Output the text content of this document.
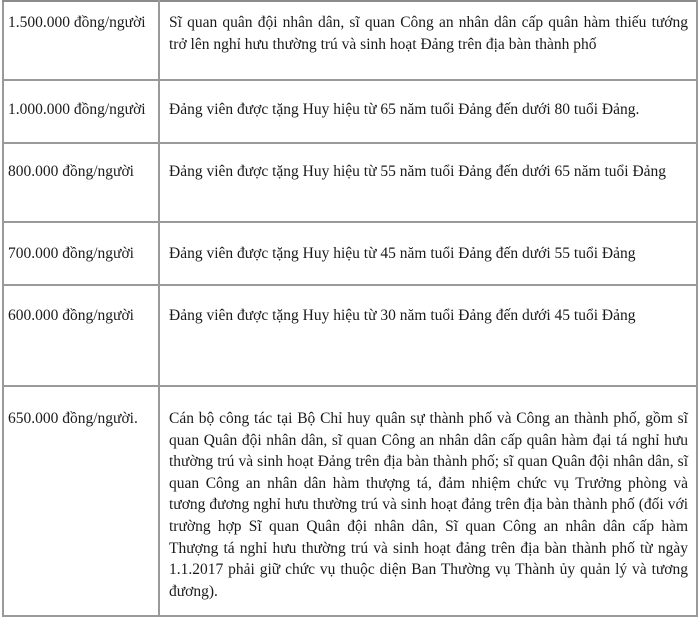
1.500.000 đồng/người	Sĩ quan quân đội nhân dân, sĩ quan Công an nhân dân cấp quân hàm thiếu tướng trở lên nghỉ hưu thường trú và sinh hoạt Đảng trên địa bàn thành phố
1.000.000 đồng/người	Đảng viên được tặng Huy hiệu từ 65 năm tuổi Đảng đến dưới 80 tuổi Đảng.
800.000 đồng/người	Đảng viên được tặng Huy hiệu từ 55 năm tuổi Đảng đến dưới 65 năm tuổi Đảng
700.000 đồng/người	Đảng viên được tặng Huy hiệu từ 45 năm tuổi Đảng đến dưới 55 tuổi Đảng
600.000 đồng/người	Đảng viên được tặng Huy hiệu từ 30 năm tuổi Đảng đến dưới 45 tuổi Đảng
650.000 đồng/người.	Cán bộ công tác tại Bộ Chỉ huy quân sự thành phố và Công an thành phố, gồm sĩ quan Quân đội nhân dân, sĩ quan Công an nhân dân cấp quân hàm đại tá nghỉ hưu thường trú và sinh hoạt Đảng trên địa bàn thành phố; sĩ quan Quân đội nhân dân, sĩ quan Công an nhân dân hàm thượng tá, đảm nhiệm chức vụ Trưởng phòng và tương đương nghỉ hưu thường trú và sinh hoạt đảng trên địa bàn thành phố (đối với trường hợp Sĩ quan Quân đội nhân dân, Sĩ quan Công an nhân dân cấp hàm Thượng tá nghỉ hưu thường trú và sinh hoạt đảng trên địa bàn thành phố từ ngày 1.1.2017 phải giữ chức vụ thuộc diện Ban Thường vụ Thành ủy quản lý và tương đương).
